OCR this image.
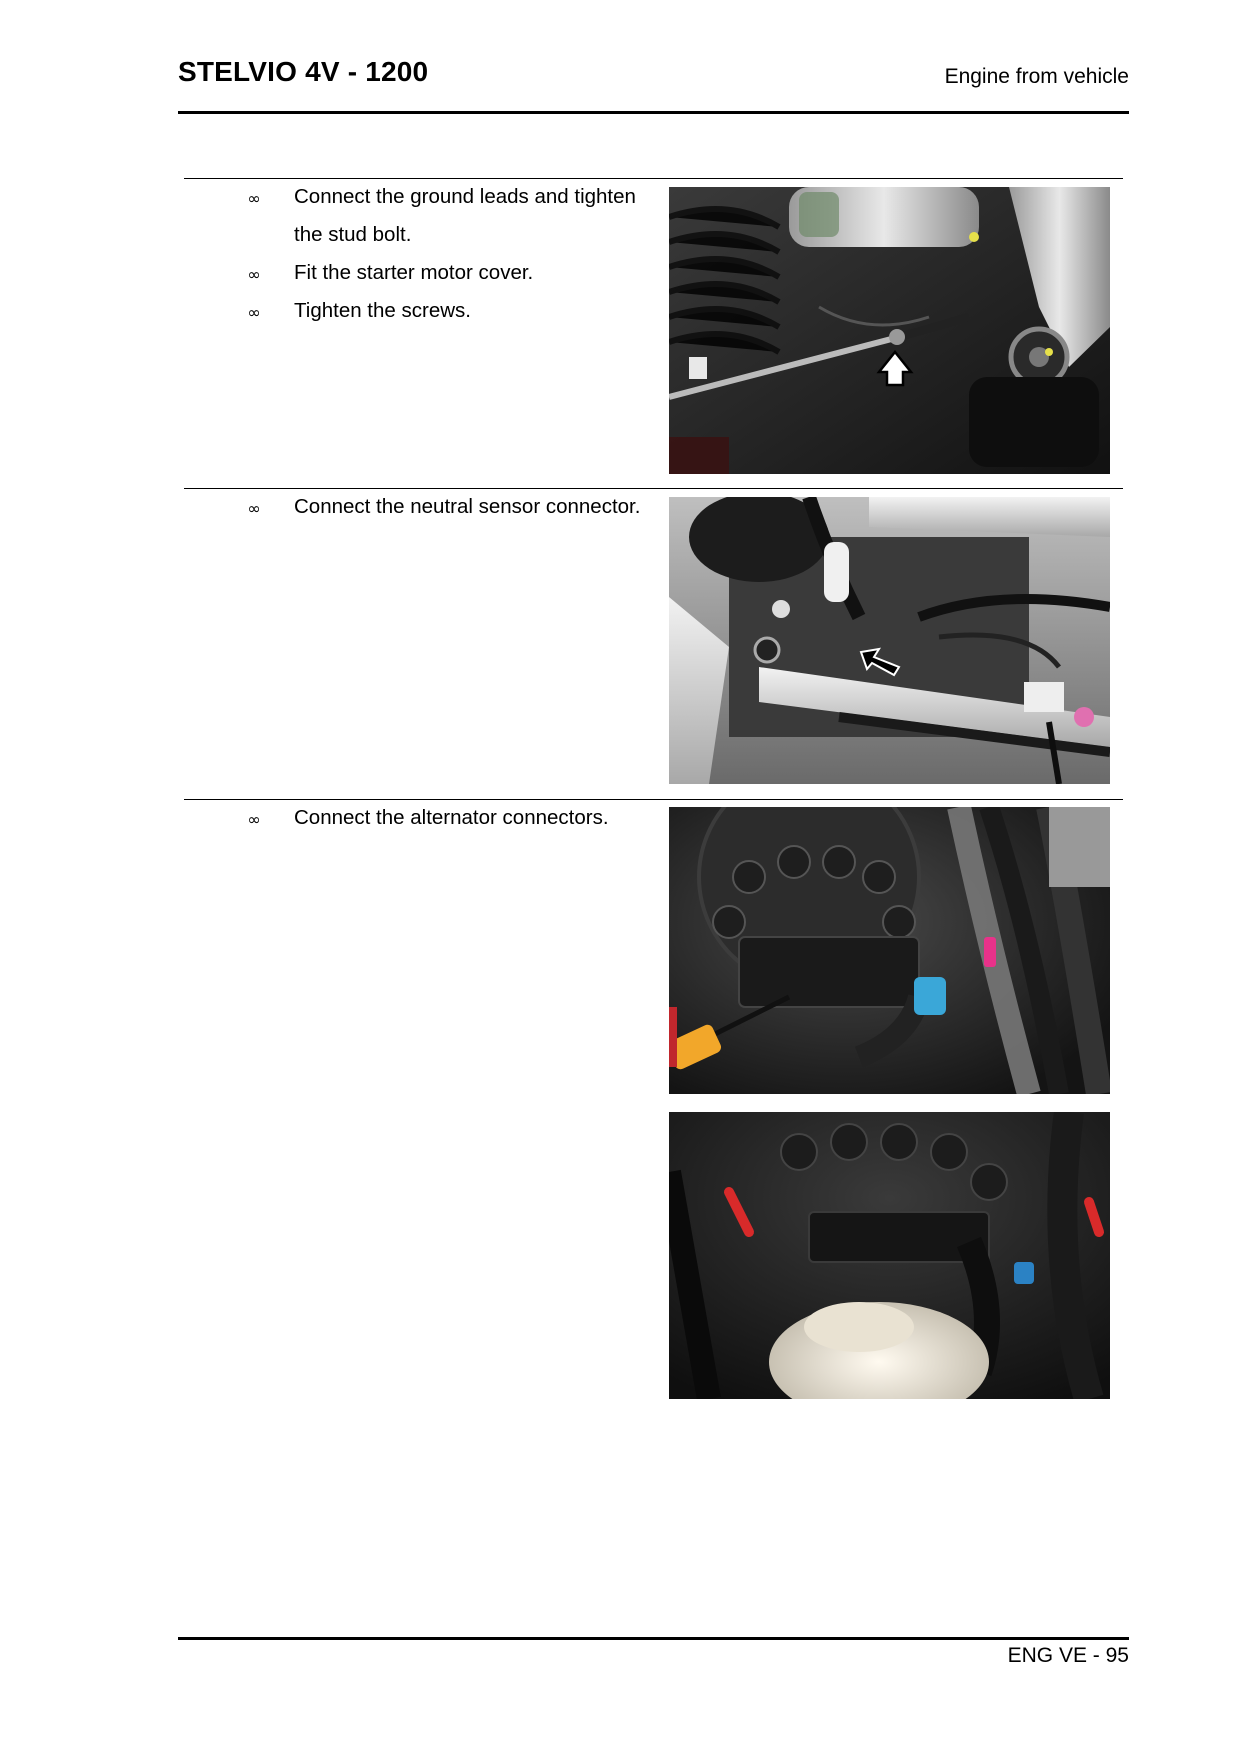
STELVIO 4V - 1200	Engine from vehicle
∞ Connect the ground leads and tighten the stud bolt.
∞ Fit the starter motor cover.
∞ Tighten the screws.
∞ Connect the neutral sensor connector.
∞ Connect the alternator connectors.
ENG VE - 95
